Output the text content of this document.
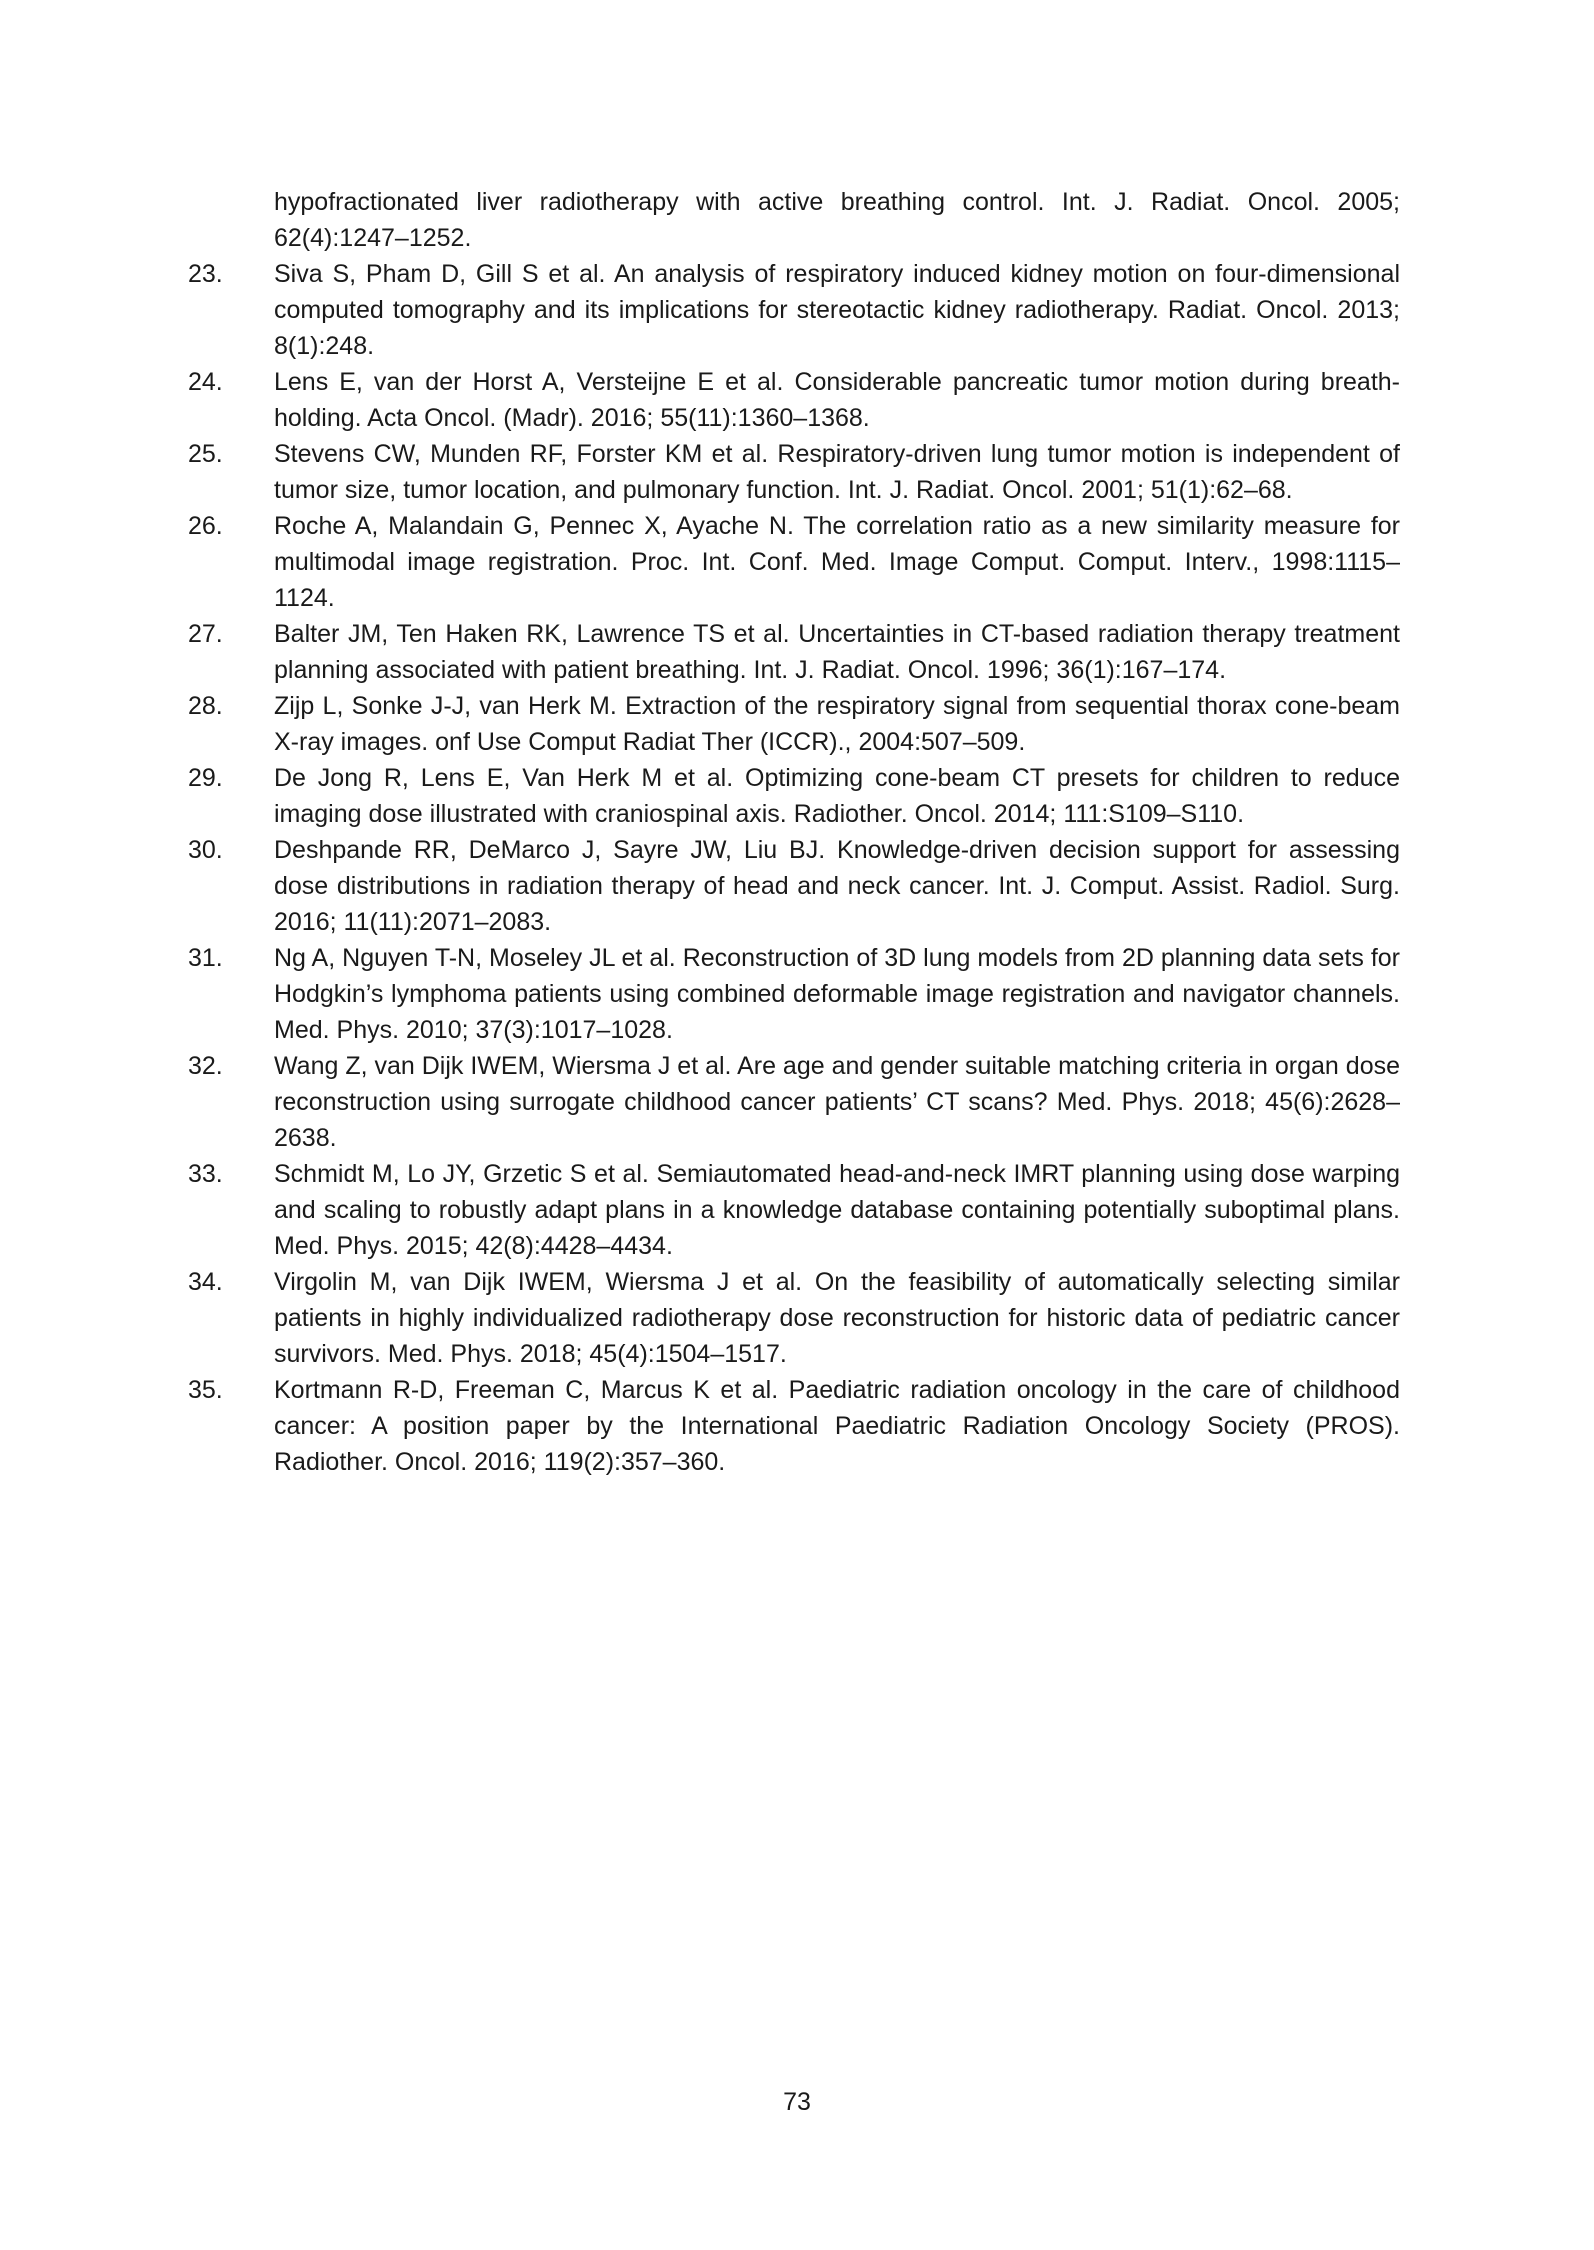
hypofractionated liver radiotherapy with active breathing control. Int. J. Radiat. Oncol. 2005; 62(4):1247–1252.
23.	Siva S, Pham D, Gill S et al. An analysis of respiratory induced kidney motion on four-dimensional computed tomography and its implications for stereotactic kidney radiotherapy. Radiat. Oncol. 2013; 8(1):248.
24.	Lens E, van der Horst A, Versteijne E et al. Considerable pancreatic tumor motion during breath-holding. Acta Oncol. (Madr). 2016; 55(11):1360–1368.
25.	Stevens CW, Munden RF, Forster KM et al. Respiratory-driven lung tumor motion is independent of tumor size, tumor location, and pulmonary function. Int. J. Radiat. Oncol. 2001; 51(1):62–68.
26.	Roche A, Malandain G, Pennec X, Ayache N. The correlation ratio as a new similarity measure for multimodal image registration. Proc. Int. Conf. Med. Image Comput. Comput. Interv., 1998:1115–1124.
27.	Balter JM, Ten Haken RK, Lawrence TS et al. Uncertainties in CT-based radiation therapy treatment planning associated with patient breathing. Int. J. Radiat. Oncol. 1996; 36(1):167–174.
28.	Zijp L, Sonke J-J, van Herk M. Extraction of the respiratory signal from sequential thorax cone-beam X-ray images. onf Use Comput Radiat Ther (ICCR)., 2004:507–509.
29.	De Jong R, Lens E, Van Herk M et al. Optimizing cone-beam CT presets for children to reduce imaging dose illustrated with craniospinal axis. Radiother. Oncol. 2014; 111:S109–S110.
30.	Deshpande RR, DeMarco J, Sayre JW, Liu BJ. Knowledge-driven decision support for assessing dose distributions in radiation therapy of head and neck cancer. Int. J. Comput. Assist. Radiol. Surg. 2016; 11(11):2071–2083.
31.	Ng A, Nguyen T-N, Moseley JL et al. Reconstruction of 3D lung models from 2D planning data sets for Hodgkin’s lymphoma patients using combined deformable image registration and navigator channels. Med. Phys. 2010; 37(3):1017–1028.
32.	Wang Z, van Dijk IWEM, Wiersma J et al. Are age and gender suitable matching criteria in organ dose reconstruction using surrogate childhood cancer patients’ CT scans? Med. Phys. 2018; 45(6):2628–2638.
33.	Schmidt M, Lo JY, Grzetic S et al. Semiautomated head-and-neck IMRT planning using dose warping and scaling to robustly adapt plans in a knowledge database containing potentially suboptimal plans. Med. Phys. 2015; 42(8):4428–4434.
34.	Virgolin M, van Dijk IWEM, Wiersma J et al. On the feasibility of automatically selecting similar patients in highly individualized radiotherapy dose reconstruction for historic data of pediatric cancer survivors. Med. Phys. 2018; 45(4):1504–1517.
35.	Kortmann R-D, Freeman C, Marcus K et al. Paediatric radiation oncology in the care of childhood cancer: A position paper by the International Paediatric Radiation Oncology Society (PROS). Radiother. Oncol. 2016; 119(2):357–360.
73
